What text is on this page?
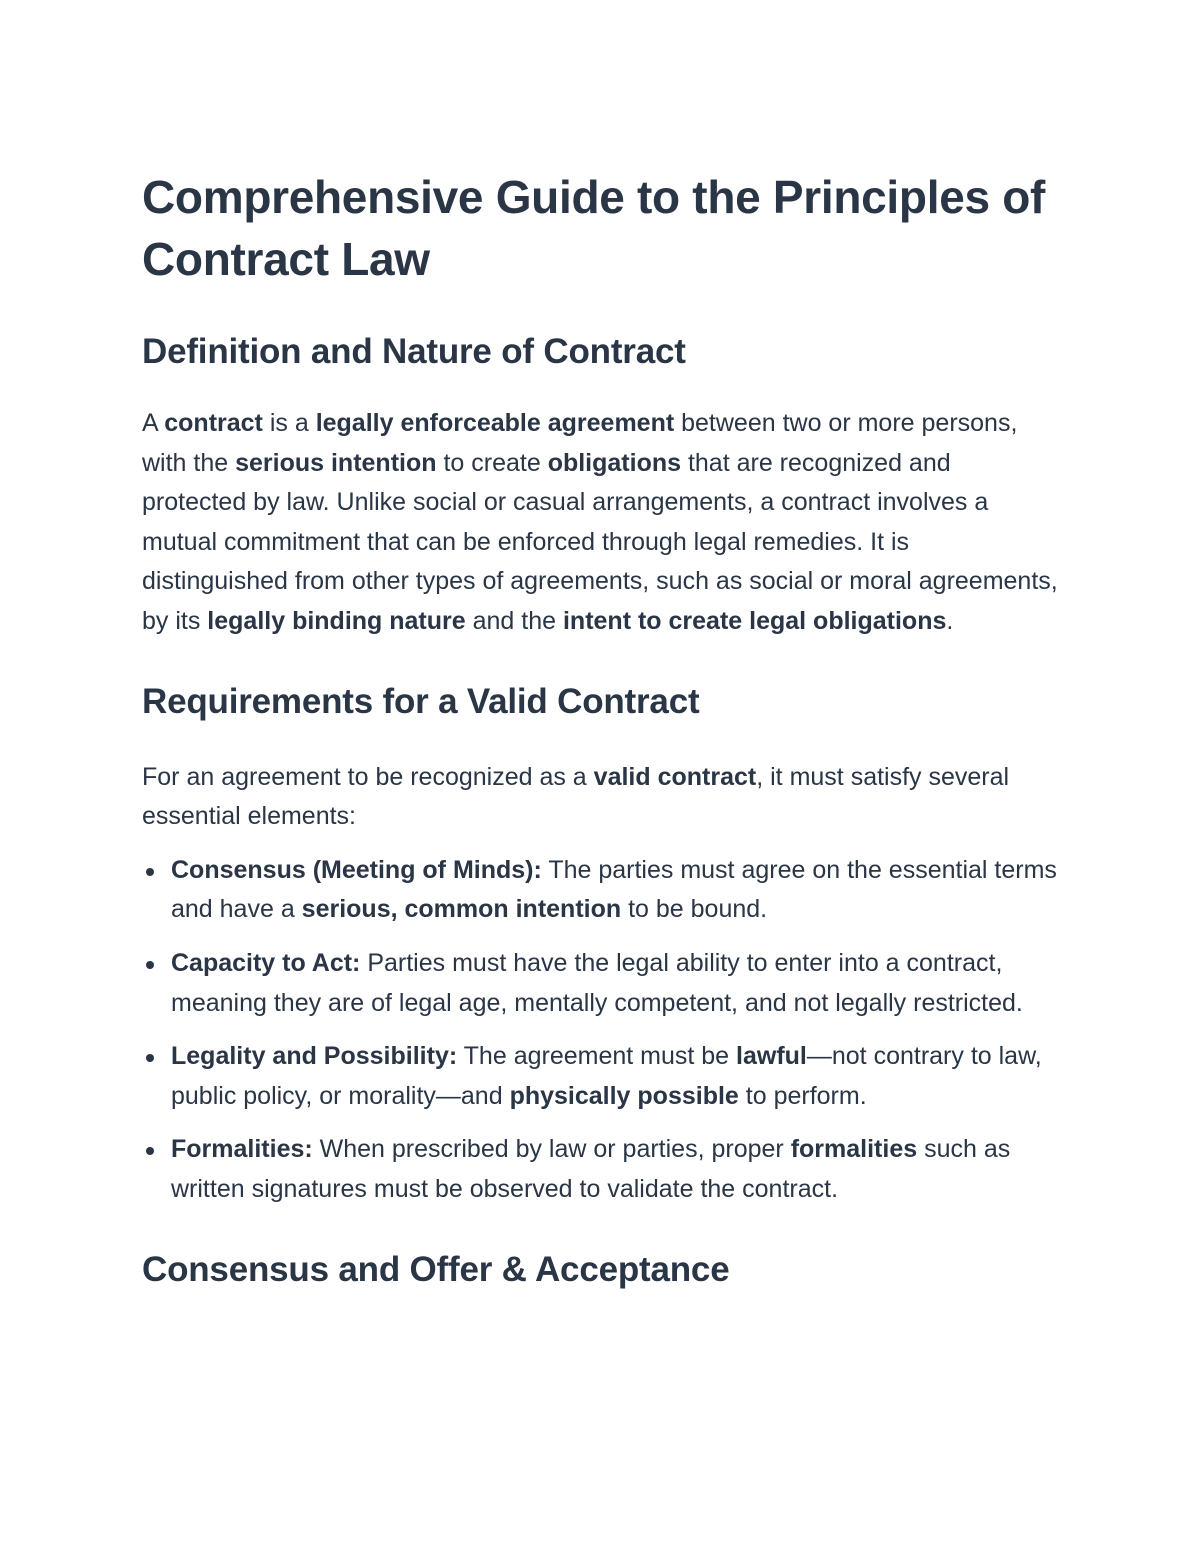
Comprehensive Guide to the Principles of Contract Law
Definition and Nature of Contract

A contract is a legally enforceable agreement between two or more persons, with the serious intention to create obligations that are recognized and protected by law. Unlike social or casual arrangements, a contract involves a mutual commitment that can be enforced through legal remedies. It is distinguished from other types of agreements, such as social or moral agreements, by its legally binding nature and the intent to create legal obligations.

Requirements for a Valid Contract

For an agreement to be recognized as a valid contract, it must satisfy several essential elements:

Consensus (Meeting of Minds): The parties must agree on the essential terms and have a serious, common intention to be bound.
Capacity to Act: Parties must have the legal ability to enter into a contract, meaning they are of legal age, mentally competent, and not legally restricted.
Legality and Possibility: The agreement must be lawful—not contrary to law, public policy, or morality—and physically possible to perform.
Formalities: When prescribed by law or parties, proper formalities such as written signatures must be observed to validate the contract.
Consensus and Offer & Acceptance
